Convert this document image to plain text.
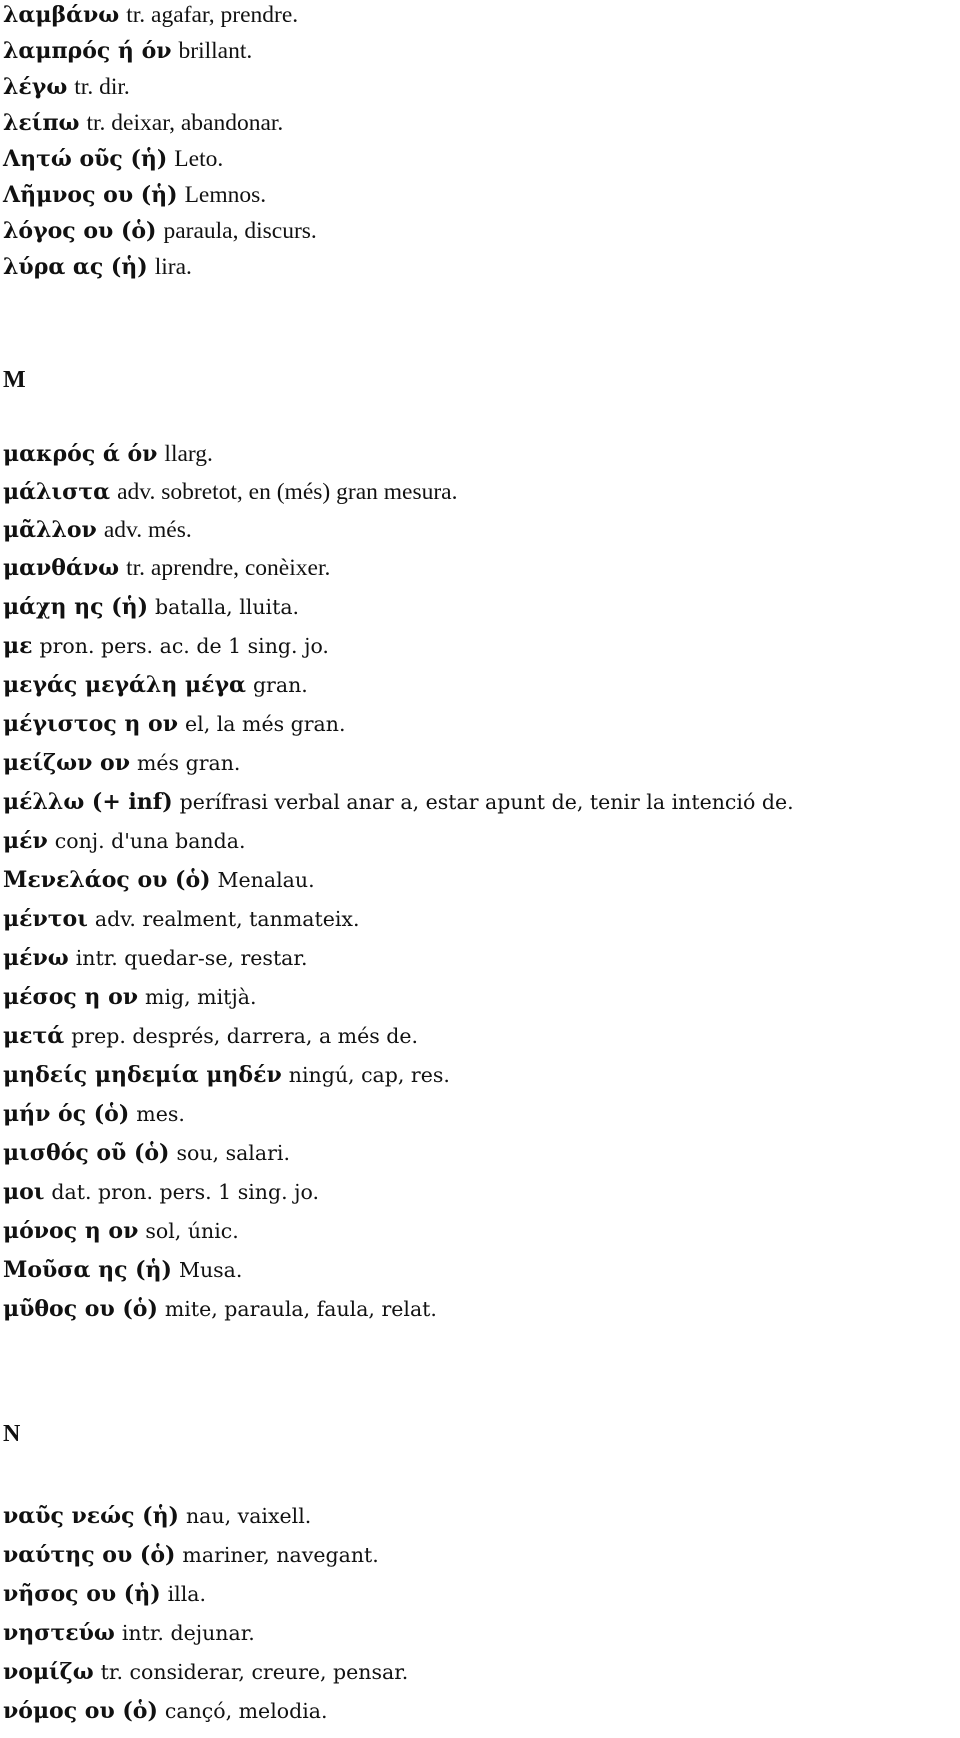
λαμβάνω tr. agafar, prendre.
λαμπρός ή όν brillant.
λέγω tr. dir.
λείπω tr. deixar, abandonar.
Λητώ οῦς (ἡ) Leto.
Λῆμνος ου (ἡ) Lemnos.
λόγος ου (ὁ) paraula, discurs.
λύρα ας (ἡ) lira.
M
μακρός ά όν llarg.
μάλιστα adv. sobretot, en (més) gran mesura.
μᾶλλον adv. més.
μανθάνω tr. aprendre, conèixer.
μάχη ης (ἡ) batalla, lluita.
με pron. pers. ac. de 1 sing. jo.
μεγάς μεγάλη μέγα gran.
μέγιστος η ον el, la més gran.
μείζων ον més gran.
μέλλω (+ inf) perífrasi verbal anar a, estar apunt de, tenir la intenció de.
μέν conj. d'una banda.
Μενελάος ου (ὁ) Menalau.
μέντοι adv. realment, tanmateix.
μένω intr. quedar-se, restar.
μέσος η ον mig, mitjà.
μετά prep. després, darrera, a més de.
μηδείς μηδεμία μηδέν ningú, cap, res.
μήν ός (ὁ) mes.
μισθός οῦ (ὁ) sou, salari.
μοι dat. pron. pers. 1 sing. jo.
μόνος η ον sol, únic.
Μοῦσα ης (ἡ) Musa.
μῦθος ου (ὁ) mite, paraula, faula, relat.
N
ναῦς νεώς (ἡ) nau, vaixell.
ναύτης ου (ὁ) mariner, navegant.
νῆσος ου (ἡ) illa.
νηστεύω intr. dejunar.
νομίζω tr. considerar, creure, pensar.
νόμος ου (ὁ) cançó, melodia.
